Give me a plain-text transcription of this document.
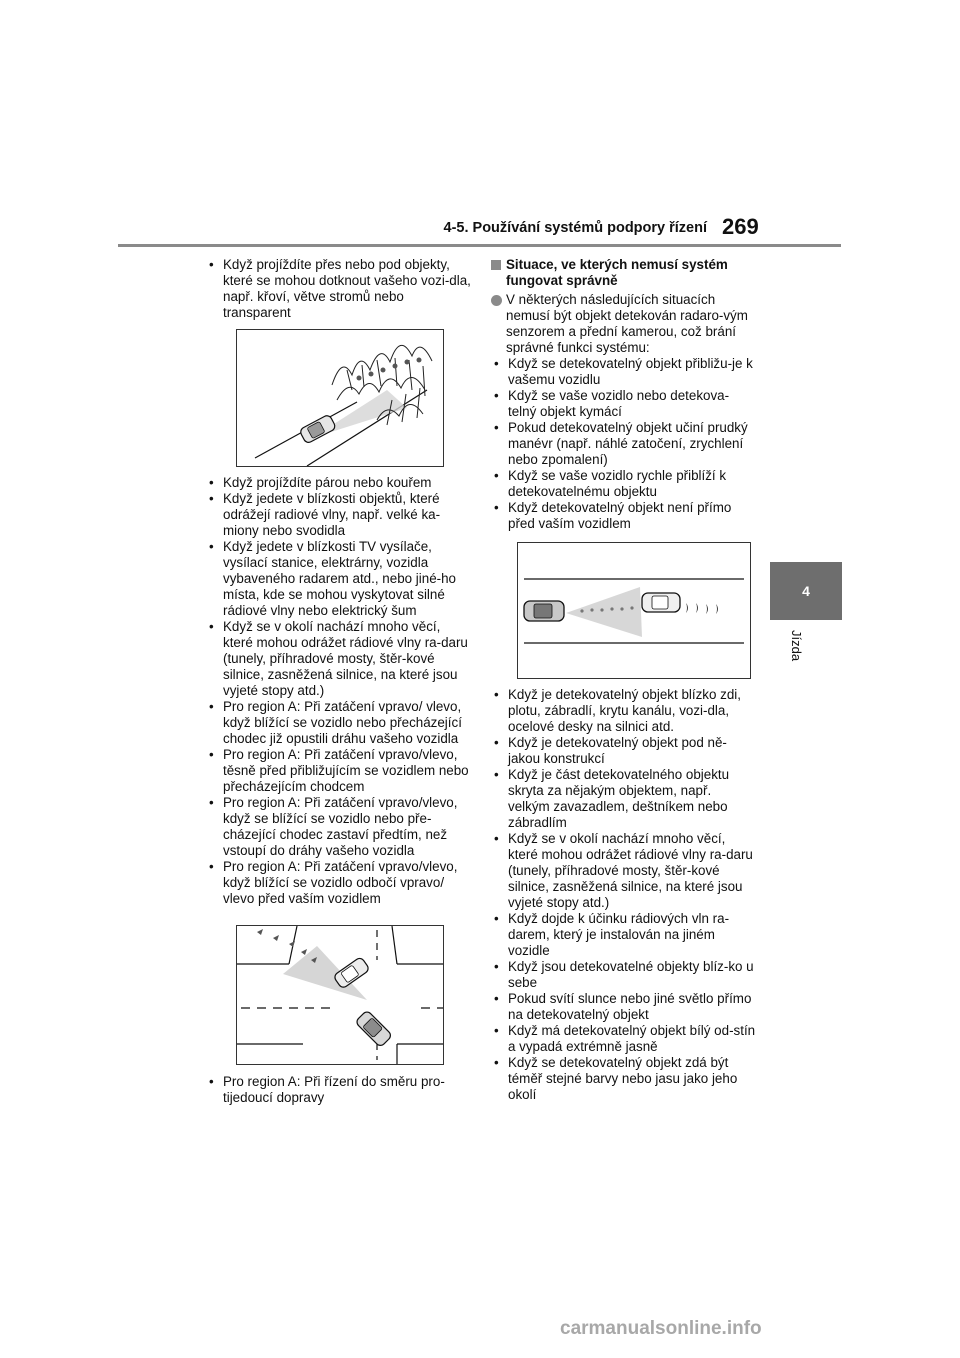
4-5. Používání systémů podpory řízení 269
4
Jízda
• Když projíždíte přes nebo pod objekty, které se mohou dotknout vašeho vozi-dla, např. křoví, větve stromů nebo transparent
• Když projíždíte párou nebo kouřem
• Když jedete v blízkosti objektů, které odrážejí radiové vlny, např. velké ka-miony nebo svodidla
• Když jedete v blízkosti TV vysílače, vysílací stanice, elektrárny, vozidla vybaveného radarem atd., nebo jiné-ho místa, kde se mohou vyskytovat silné rádiové vlny nebo elektrický šum
• Když se v okolí nachází mnoho věcí, které mohou odrážet rádiové vlny ra-daru (tunely, příhradové mosty, štěr-kové silnice, zasněžená silnice, na které jsou vyjeté stopy atd.)
• Pro region A: Při zatáčení vpravo/ vlevo, když blížící se vozidlo nebo přecházející chodec již opustili dráhu vašeho vozidla
• Pro region A: Při zatáčení vpravo/vlevo, těsně před přibližujícím se vozidlem nebo přecházejícím chodcem
• Pro region A: Při zatáčení vpravo/vlevo, když se blížící se vozidlo nebo pře-cházející chodec zastaví předtím, než vstoupí do dráhy vašeho vozidla
• Pro region A: Při zatáčení vpravo/vlevo, když blížící se vozidlo odbočí vpravo/ vlevo před vaším vozidlem
• Pro region A: Při řízení do směru pro-tijedoucí dopravy
Situace, ve kterých nemusí systém fungovat správně
V některých následujících situacích nemusí být objekt detekován radaro-vým senzorem a přední kamerou, což brání správné funkci systému:
• Když se detekovatelný objekt přibližu-je k vašemu vozidlu
• Když se vaše vozidlo nebo detekova-telný objekt kymácí
• Pokud detekovatelný objekt učiní prudký manévr (např. náhlé zatočení, zrychlení nebo zpomalení)
• Když se vaše vozidlo rychle přiblíží k detekovatelnému objektu
• Když detekovatelný objekt není přímo před vaším vozidlem
• Když je detekovatelný objekt blízko zdi, plotu, zábradlí, krytu kanálu, vozi-dla, ocelové desky na silnici atd.
• Když je detekovatelný objekt pod ně-jakou konstrukcí
• Když je část detekovatelného objektu skryta za nějakým objektem, např. velkým zavazadlem, deštníkem nebo zábradlím
• Když se v okolí nachází mnoho věcí, které mohou odrážet rádiové vlny ra-daru (tunely, příhradové mosty, štěr-kové silnice, zasněžená silnice, na které jsou vyjeté stopy atd.)
• Když dojde k účinku rádiových vln ra-darem, který je instalován na jiném vozidle
• Když jsou detekovatelné objekty blíz-ko u sebe
• Pokud svítí slunce nebo jiné světlo přímo na detekovatelný objekt
• Když má detekovatelný objekt bílý od-stín a vypadá extrémně jasně
• Když se detekovatelný objekt zdá být téměř stejné barvy nebo jasu jako jeho okolí
carmanualsonline.info
